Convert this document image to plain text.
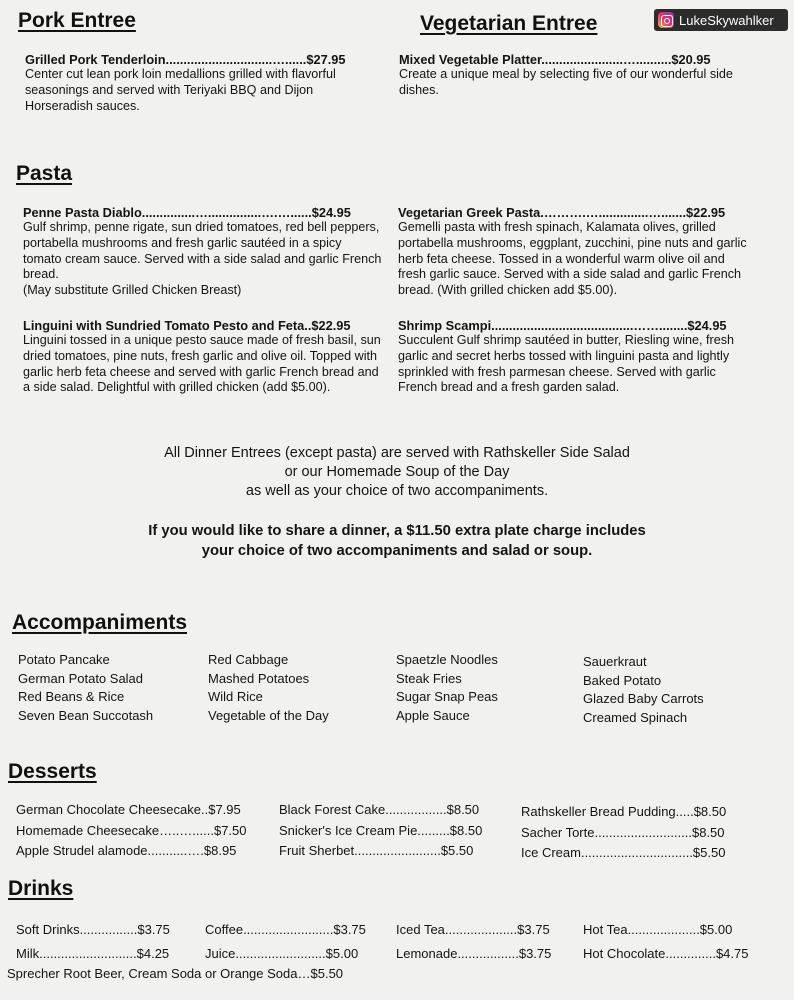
LukeSkywahlker
Pork Entree
Grilled Pork Tenderloin..............................…......$27.95
Center cut lean pork loin medallions grilled with flavorful seasonings and served with Teriyaki BBQ and Dijon Horseradish sauces.
Vegetarian Entree
Mixed Vegetable Platter.......................…..........$20.95
Create a unique meal by selecting five of our wonderful side dishes.
Pasta
Penne Pasta Diablo...............…...............….…......$24.95
Gulf shrimp, penne rigate, sun dried tomatoes, red bell peppers, portabella mushrooms and fresh garlic sautéed in a spicy tomato cream sauce. Served with a side salad and garlic French bread.
(May substitute Grilled Chicken Breast)
Vegetarian Greek Pasta.……….…..............….......$22.95
Gemelli pasta with fresh spinach, Kalamata olives, grilled portabella mushrooms, eggplant, zucchini, pine nuts and garlic herb feta cheese. Tossed in a wonderful warm olive oil and fresh garlic sauce. Served with a side salad and garlic French bread. (With grilled chicken add $5.00).
Linguini with Sundried Tomato Pesto and Feta..$22.95
Linguini tossed in a unique pesto sauce made of fresh basil, sun dried tomatoes, pine nuts, fresh garlic and olive oil. Topped with garlic herb feta cheese and served with garlic French bread and a side salad. Delightful with grilled chicken (add $5.00).
Shrimp Scampi........................................……........$24.95
Succulent Gulf shrimp sautéed in butter, Riesling wine, fresh garlic and secret herbs tossed with linguini pasta and lightly sprinkled with fresh parmesan cheese. Served with garlic French bread and a fresh garden salad.
All Dinner Entrees (except pasta) are served with Rathskeller Side Salad
or our Homemade Soup of the Day
as well as your choice of two accompaniments.
If you would like to share a dinner, a $11.50 extra plate charge includes
your choice of two accompaniments and salad or soup.
Accompaniments
Potato Pancake
German Potato Salad
Red Beans & Rice
Seven Bean Succotash
Red Cabbage
Mashed Potatoes
Wild Rice
Vegetable of the Day
Spaetzle Noodles
Steak Fries
Sugar Snap Peas
Apple Sauce
Sauerkraut
Baked Potato
Glazed Baby Carrots
Creamed Spinach
Desserts
German Chocolate Cheesecake..$7.95
Homemade Cheesecake…..…......$7.50
Apple Strudel alamode...........….$8.95
Black Forest Cake.................$8.50
Snicker's Ice Cream Pie.........$8.50
Fruit Sherbet........................$5.50
Rathskeller Bread Pudding.....$8.50
Sacher Torte...........................$8.50
Ice Cream...............................$5.50
Drinks
Soft Drinks................$3.75
Milk...........................$4.25
Coffee.........................$3.75
Juice.........................$5.00
Iced Tea....................$3.75
Lemonade.................$3.75
Hot Tea....................$5.00
Hot Chocolate..............$4.75
Sprecher Root Beer, Cream Soda or Orange Soda…$5.50
